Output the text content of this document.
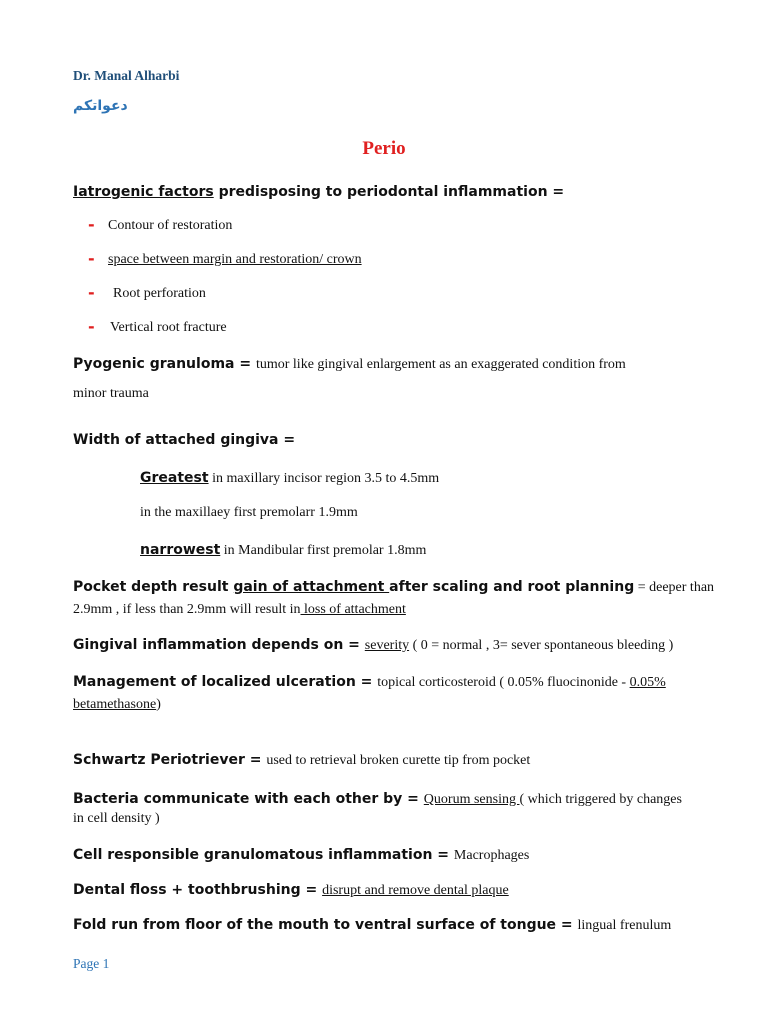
Dr. Manal Alharbi
دعواتكم
Perio
Iatrogenic factors predisposing to periodontal inflammation =
- Contour of restoration
- space between margin and restoration/ crown
- Root perforation
- Vertical root fracture
Pyogenic granuloma = tumor like gingival enlargement as an exaggerated condition from
minor trauma
Width of attached gingiva =
Greatest in maxillary incisor region 3.5 to 4.5mm
in the maxillaey first premolarr 1.9mm
narrowest in Mandibular first premolar 1.8mm
Pocket depth result gain of attachment after scaling and root planning = deeper than
2.9mm , if less than 2.9mm will result in loss of attachment
Gingival inflammation depends on = severity ( 0 = normal , 3= sever spontaneous bleeding )
Management of localized ulceration = topical corticosteroid ( 0.05% fluocinonide - 0.05%
betamethasone)
Schwartz Periotriever = used to retrieval broken curette tip from pocket
Bacteria communicate with each other by = Quorum sensing ( which triggered by changes
in cell density )
Cell responsible granulomatous inflammation = Macrophages
Dental floss + toothbrushing = disrupt and remove dental plaque
Fold run from floor of the mouth to ventral surface of tongue = lingual frenulum
Page 1
